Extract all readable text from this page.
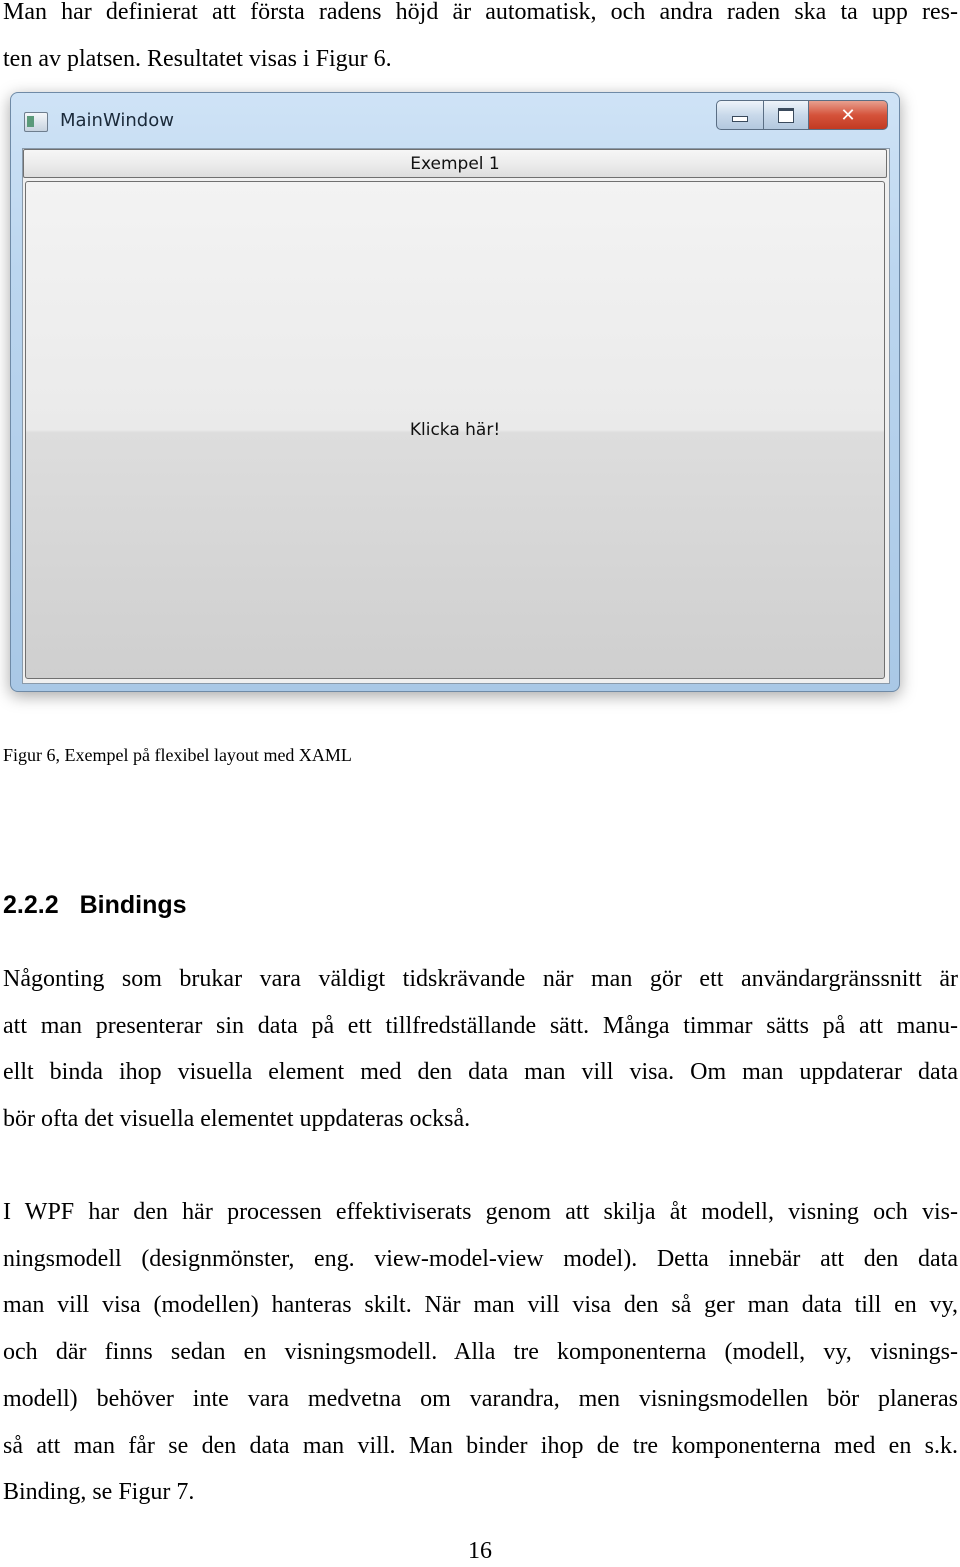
Man har definierat att första radens höjd är automatisk, och andra raden ska ta upp res-
ten av platsen. Resultatet visas i Figur 6.

MainWindow	✕
Exempel 1
Klicka här!
Figur 6, Exempel på flexibel layout med XAML
2.2.2 Bindings

Någonting som brukar vara väldigt tidskrävande när man gör ett användargränssnitt är
att man presenterar sin data på ett tillfredställande sätt. Många timmar sätts på att manu-
ellt binda ihop visuella element med den data man vill visa. Om man uppdaterar data
bör ofta det visuella elementet uppdateras också.

I WPF har den här processen effektiviserats genom att skilja åt modell, visning och vis-
ningsmodell (designmönster, eng. view-model-view model). Detta innebär att den data
man vill visa (modellen) hanteras skilt. När man vill visa den så ger man data till en vy,
och där finns sedan en visningsmodell. Alla tre komponenterna (modell, vy, visnings-
modell) behöver inte vara medvetna om varandra, men visningsmodellen bör planeras
så att man får se den data man vill. Man binder ihop de tre komponenterna med en s.k.
Binding, se Figur 7.

16
